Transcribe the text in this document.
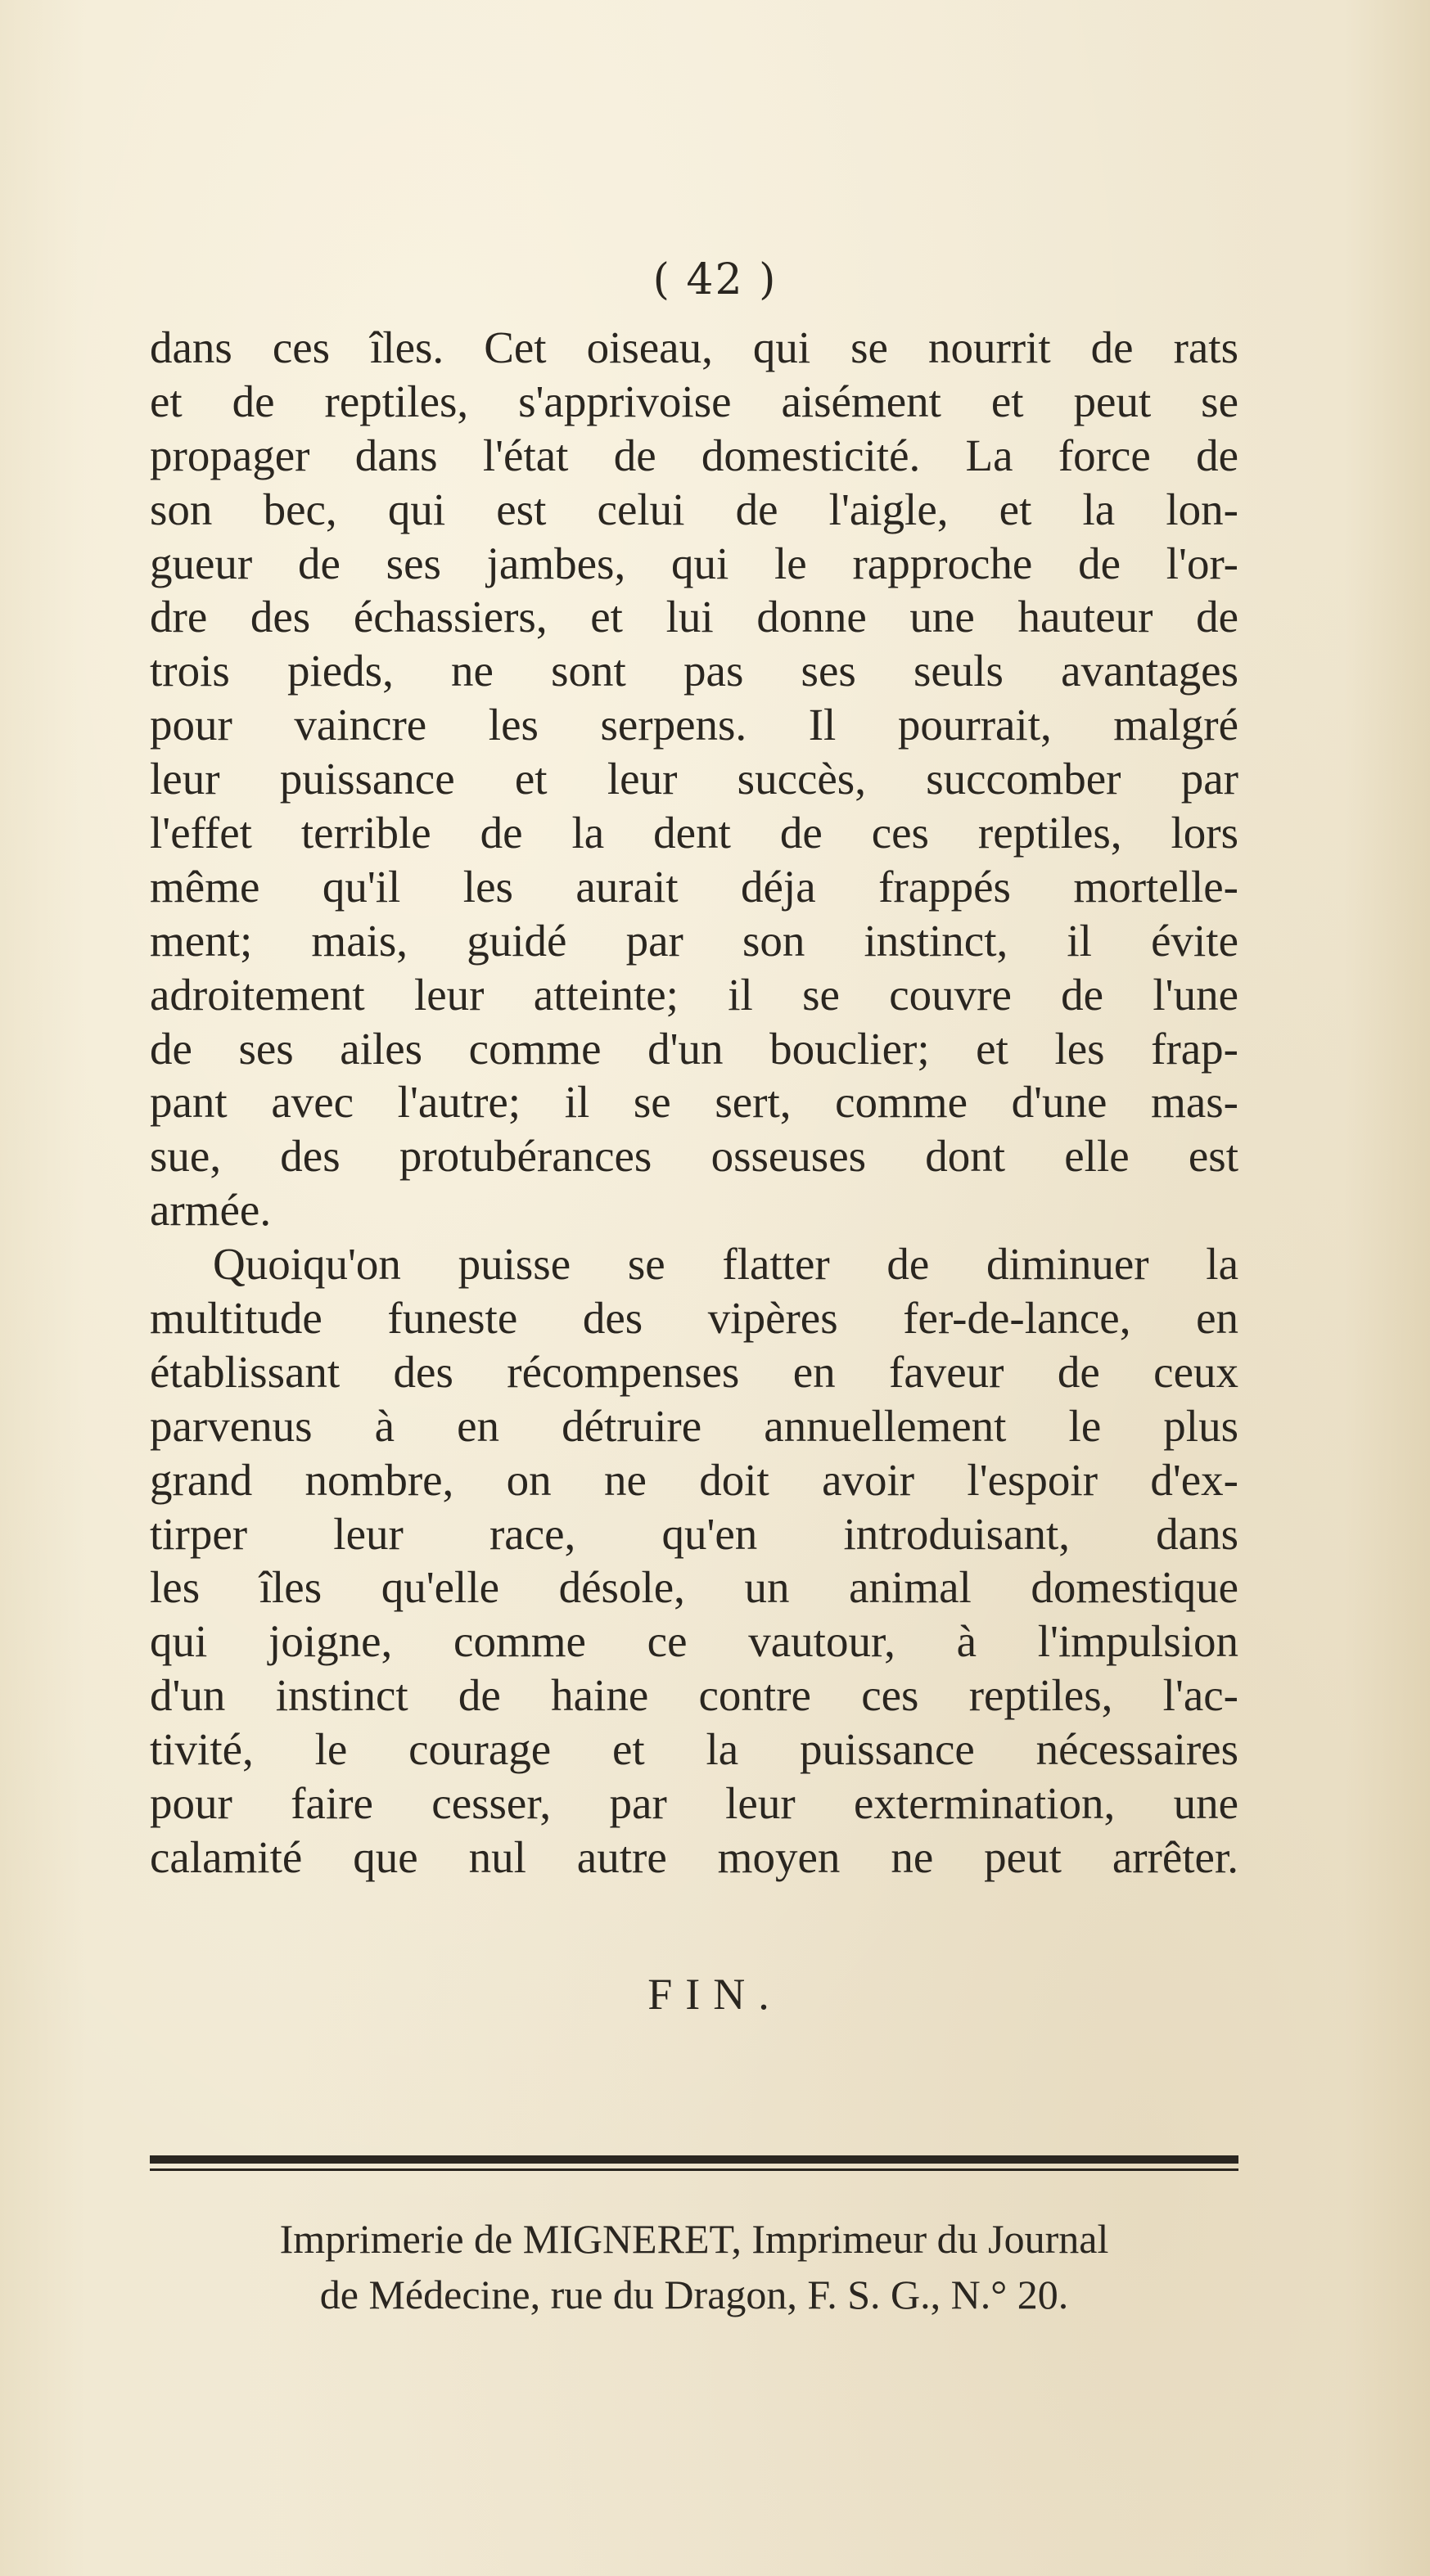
( 42 )
dans ces îles. Cet oiseau, qui se nourrit de rats
et de reptiles, s'apprivoise aisément et peut se
propager dans l'état de domesticité. La force de
son bec, qui est celui de l'aigle, et la lon-
gueur de ses jambes, qui le rapproche de l'or-
dre des échassiers, et lui donne une hauteur de
trois pieds, ne sont pas ses seuls avantages
pour vaincre les serpens. Il pourrait, malgré
leur puissance et leur succès, succomber par
l'effet terrible de la dent de ces reptiles, lors
même qu'il les aurait déja frappés mortelle-
ment; mais, guidé par son instinct, il évite
adroitement leur atteinte; il se couvre de l'une
de ses ailes comme d'un bouclier; et les frap-
pant avec l'autre; il se sert, comme d'une mas-
sue, des protubérances osseuses dont elle est
armée.
Quoiqu'on puisse se flatter de diminuer la
multitude funeste des vipères fer-de-lance, en
établissant des récompenses en faveur de ceux
parvenus à en détruire annuellement le plus
grand nombre, on ne doit avoir l'espoir d'ex-
tirper leur race, qu'en introduisant, dans
les îles qu'elle désole, un animal domestique
qui joigne, comme ce vautour, à l'impulsion
d'un instinct de haine contre ces reptiles, l'ac-
tivité, le courage et la puissance nécessaires
pour faire cesser, par leur extermination, une
calamité que nul autre moyen ne peut arrêter.
FIN.
Imprimerie de MIGNERET, Imprimeur du Journal
de Médecine, rue du Dragon, F. S. G., N.° 20.
